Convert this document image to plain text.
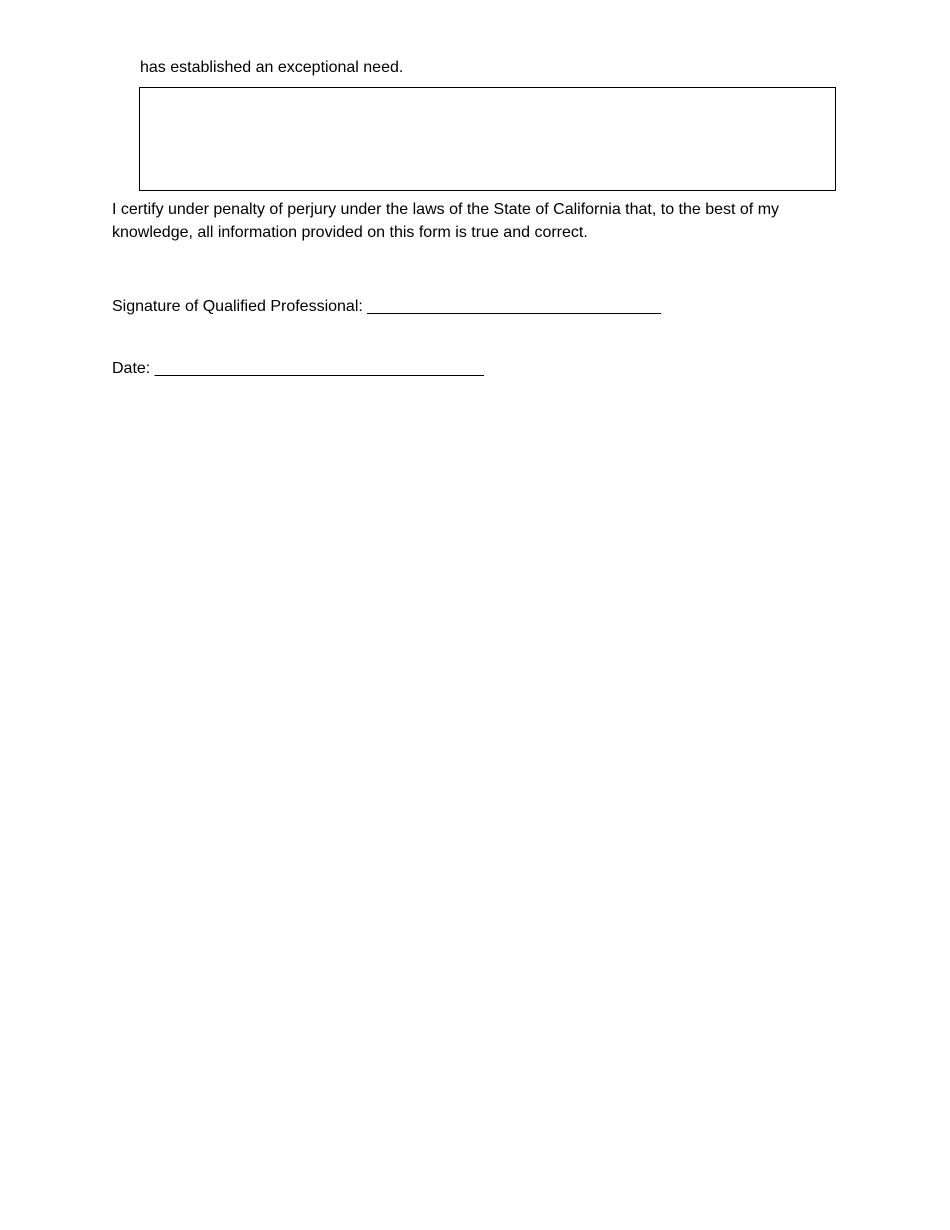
has established an exceptional need.
I certify under penalty of perjury under the laws of the State of California that, to the best of my
knowledge, all information provided on this form is true and correct.
Signature of Qualified Professional: _________________________________
Date: _____________________________________
